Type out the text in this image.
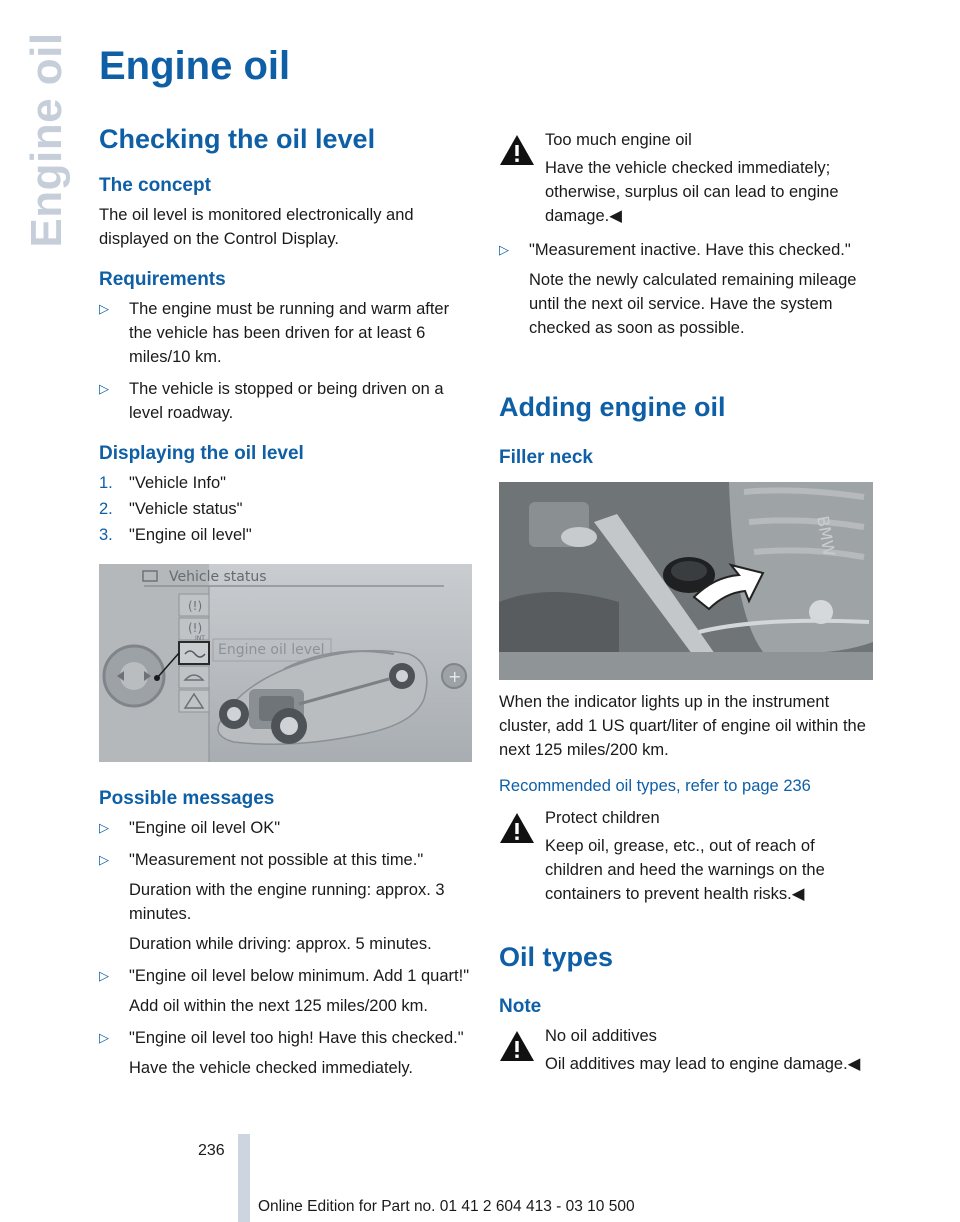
Engine oil Engine oil
Checking the oil level
The concept
The oil level is monitored electronically and displayed on the Control Display.
Requirements
▷ The engine must be running and warm after the vehicle has been driven for at least 6 miles/10 km.
▷ The vehicle is stopped or being driven on a level roadway.
Displaying the oil level
1. "Vehicle Info"
2. "Vehicle status"
3. "Engine oil level"
Vehicle status
+
(!)
(!)
INT
Engine oil level
Possible messages
▷ "Engine oil level OK"
▷ "Measurement not possible at this time."
Duration with the engine running: approx. 3 minutes.
Duration while driving: approx. 5 minutes.
▷ "Engine oil level below minimum. Add 1 quart!"
Add oil within the next 125 miles/200 km.
▷ "Engine oil level too high! Have this checked."
Have the vehicle checked immediately.
Too much engine oil
Have the vehicle checked immediately; otherwise, surplus oil can lead to engine damage.◀
▷ "Measurement inactive. Have this checked."
Note the newly calculated remaining mileage until the next oil service. Have the system checked as soon as possible.
Adding engine oil
Filler neck
BMW
When the indicator lights up in the instrument cluster, add 1 US quart/liter of engine oil within the next 125 miles/200 km.
Recommended oil types, refer to page 236
Protect children
Keep oil, grease, etc., out of reach of children and heed the warnings on the containers to prevent health risks.◀
Oil types
Note
No oil additives
Oil additives may lead to engine damage.◀
236
Online Edition for Part no. 01 41 2 604 413 - 03 10 500
